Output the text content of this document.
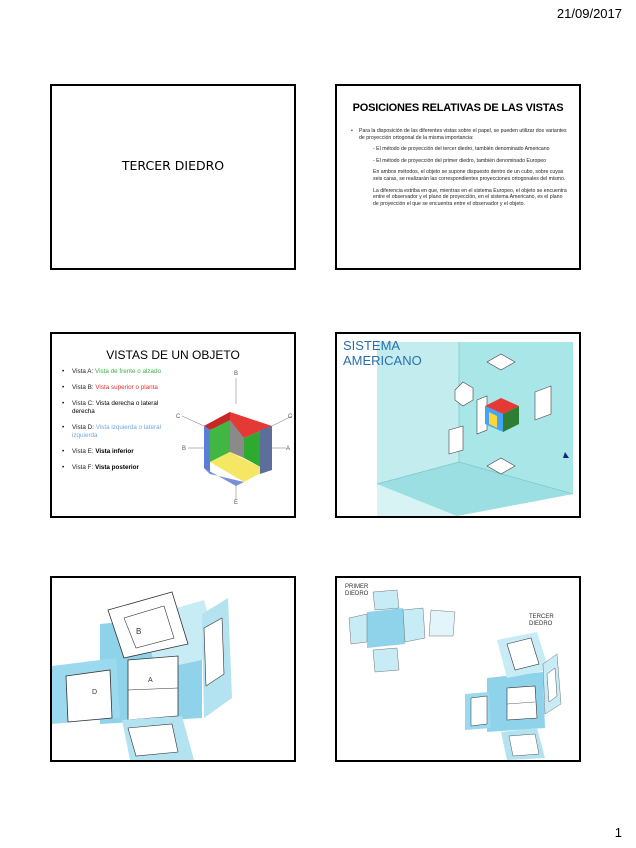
21/09/2017
TERCER DIEDRO
POSICIONES RELATIVAS DE LAS VISTAS

• Para la disposición de las diferentes vistas sobre el papel, se pueden utilizar dos variantes de proyección ortogonal de la misma importancia:

- El método de proyección del tercer diedro, también denominado Americano

- El método de proyección del primer diedro, también denominado Europeo

En ambos métodos, el objeto se supone dispuesto dentro de un cubo, sobre cuyas seis caras, se realizarán las correspondientes proyecciones ortogonales del mismo.

La diferencia estriba en que, mientras en el sistema Europeo, el objeto se encuentra entre el observador y el plano de proyección, en el sistema Americano, es el plano de proyección el que se encuentra entre el observador y el objeto.

VISTAS DE UN OBJETO
• Vista A: Vista de frente o alzado
• Vista B: Vista superior o planta
• Vista C: Vista derecha o lateral derecha
• Vista D: Vista izquierda o lateral izquierda
• Vista E: Vista inferior
• Vista F: Vista posterior
B
C	C
B	A
E
SISTEMA
AMERICANO
B
D
A
PRIMER
DIEDRO
TERCER
DIEDRO
1
